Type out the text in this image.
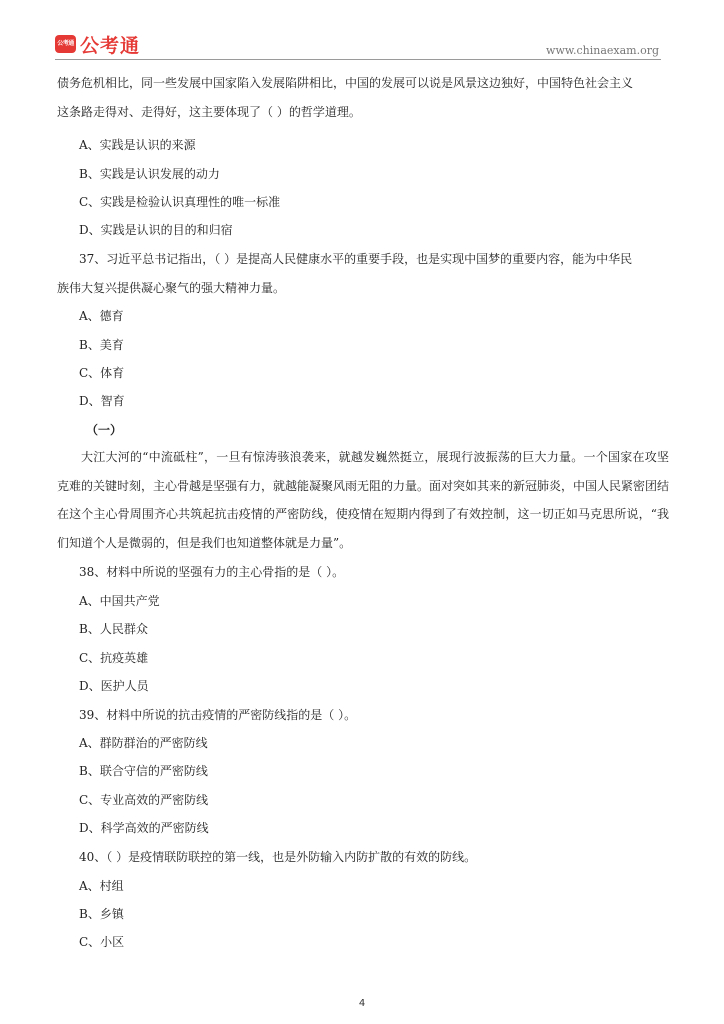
公考通 公考通	www.chinaexam.org
债务危机相比，同一些发展中国家陷入发展陷阱相比，中国的发展可以说是风景这边独好，中国特色社会主义
这条路走得对、走得好，这主要体现了（ ）的哲学道理。
A、实践是认识的来源
B、实践是认识发展的动力
C、实践是检验认识真理性的唯一标准
D、实践是认识的目的和归宿
37、习近平总书记指出，（ ）是提高人民健康水平的重要手段，也是实现中国梦的重要内容，能为中华民
族伟大复兴提供凝心聚气的强大精神力量。
A、德育
B、美育
C、体育
D、智育
（一）
大江大河的“中流砥柱”，一旦有惊涛骇浪袭来，就越发巍然挺立，展现行波振荡的巨大力量。一个国家在攻坚克难的关键时刻，主心骨越是坚强有力，就越能凝聚风雨无阻的力量。面对突如其来的新冠肺炎，中国人民紧密团结在这个主心骨周围齐心共筑起抗击疫情的严密防线，使疫情在短期内得到了有效控制，这一切正如马克思所说，“我们知道个人是微弱的，但是我们也知道整体就是力量”。
38、材料中所说的坚强有力的主心骨指的是（ ）。
A、中国共产党
B、人民群众
C、抗疫英雄
D、医护人员
39、材料中所说的抗击疫情的严密防线指的是（ ）。
A、群防群治的严密防线
B、联合守信的严密防线
C、专业高效的严密防线
D、科学高效的严密防线
40、（ ）是疫情联防联控的第一线，也是外防输入内防扩散的有效的防线。
A、村组
B、乡镇
C、小区
4
